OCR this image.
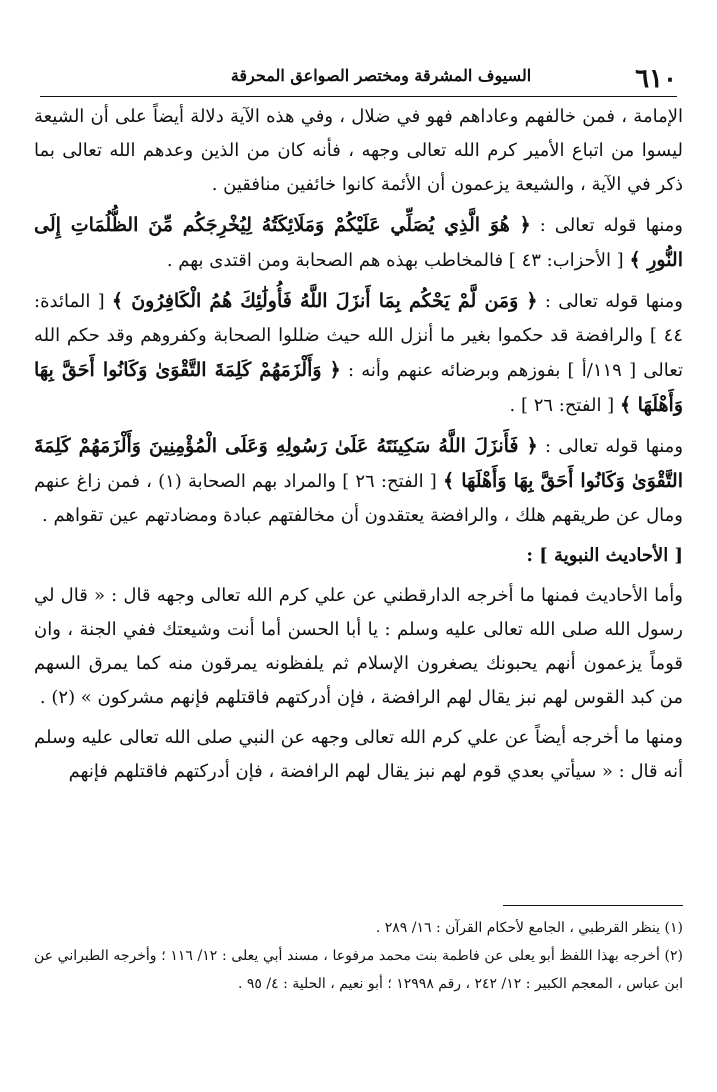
٦١٠
السيوف المشرقة ومختصر الصواعق المحرقة

الإمامة ، فمن خالفهم وعاداهم فهو في ضلال ، وفي هذه الآية دلالة أيضاً على أن الشيعة ليسوا من اتباع الأمير كرم الله تعالى وجهه ، فأنه كان من الذين وعدهم الله تعالى بما ذكر في الآية ، والشيعة يزعمون أن الأئمة كانوا خائفين منافقين .

ومنها قوله تعالى : ﴿ هُوَ الَّذِي يُصَلِّي عَلَيْكُمْ وَمَلَائِكَتُهُ لِيُخْرِجَكُم مِّنَ الظُّلُمَاتِ إِلَى النُّورِ ﴾ [ الأحزاب: ٤٣ ] فالمخاطب بهذه هم الصحابة ومن اقتدى بهم .

ومنها قوله تعالى : ﴿ وَمَن لَّمْ يَحْكُم بِمَا أَنزَلَ اللَّهُ فَأُولَٰئِكَ هُمُ الْكَافِرُونَ ﴾ [ المائدة: ٤٤ ] والرافضة قد حكموا بغير ما أنزل الله حيث ضللوا الصحابة وكفروهم وقد حكم الله تعالى [ ١١٩/أ ] بفوزهم وبرضائه عنهم وأنه : ﴿ وَأَلْزَمَهُمْ كَلِمَةَ التَّقْوَىٰ وَكَانُوا أَحَقَّ بِهَا وَأَهْلَهَا ﴾ [ الفتح: ٢٦ ] .

ومنها قوله تعالى : ﴿ فَأَنزَلَ اللَّهُ سَكِينَتَهُ عَلَىٰ رَسُولِهِ وَعَلَى الْمُؤْمِنِينَ وَأَلْزَمَهُمْ كَلِمَةَ التَّقْوَىٰ وَكَانُوا أَحَقَّ بِهَا وَأَهْلَهَا ﴾ [ الفتح: ٢٦ ] والمراد بهم الصحابة (١) ، فمن زاغ عنهم ومال عن طريقهم هلك ، والرافضة يعتقدون أن مخالفتهم عبادة ومضادتهم عين تقواهم .

[ الأحاديث النبوية ] :

وأما الأحاديث فمنها ما أخرجه الدارقطني عن علي كرم الله تعالى وجهه قال : « قال لي رسول الله صلى الله تعالى عليه وسلم : يا أبا الحسن أما أنت وشيعتك ففي الجنة ، وان قوماً يزعمون أنهم يحبونك يصغرون الإسلام ثم يلفظونه يمرقون منه كما يمرق السهم من كبد القوس لهم نبز يقال لهم الرافضة ، فإن أدركتهم فاقتلهم فإنهم مشركون » (٢) .

ومنها ما أخرجه أيضاً عن علي كرم الله تعالى وجهه عن النبي صلى الله تعالى عليه وسلم أنه قال : « سيأتي بعدي قوم لهم نبز يقال لهم الرافضة ، فإن أدركتهم فاقتلهم فإنهم

(١) ينظر القرطبي ، الجامع لأحكام القرآن : ١٦/ ٢٨٩ .

(٢) أخرجه بهذا اللفظ أبو يعلى عن فاطمة بنت محمد مرفوعا ، مسند أبي يعلى : ١٢/ ١١٦ ؛ وأخرجه الطبراني عن ابن عباس ، المعجم الكبير : ١٢/ ٢٤٢ ، رقم ١٢٩٩٨ ؛ أبو نعيم ، الحلية : ٤/ ٩٥ .
